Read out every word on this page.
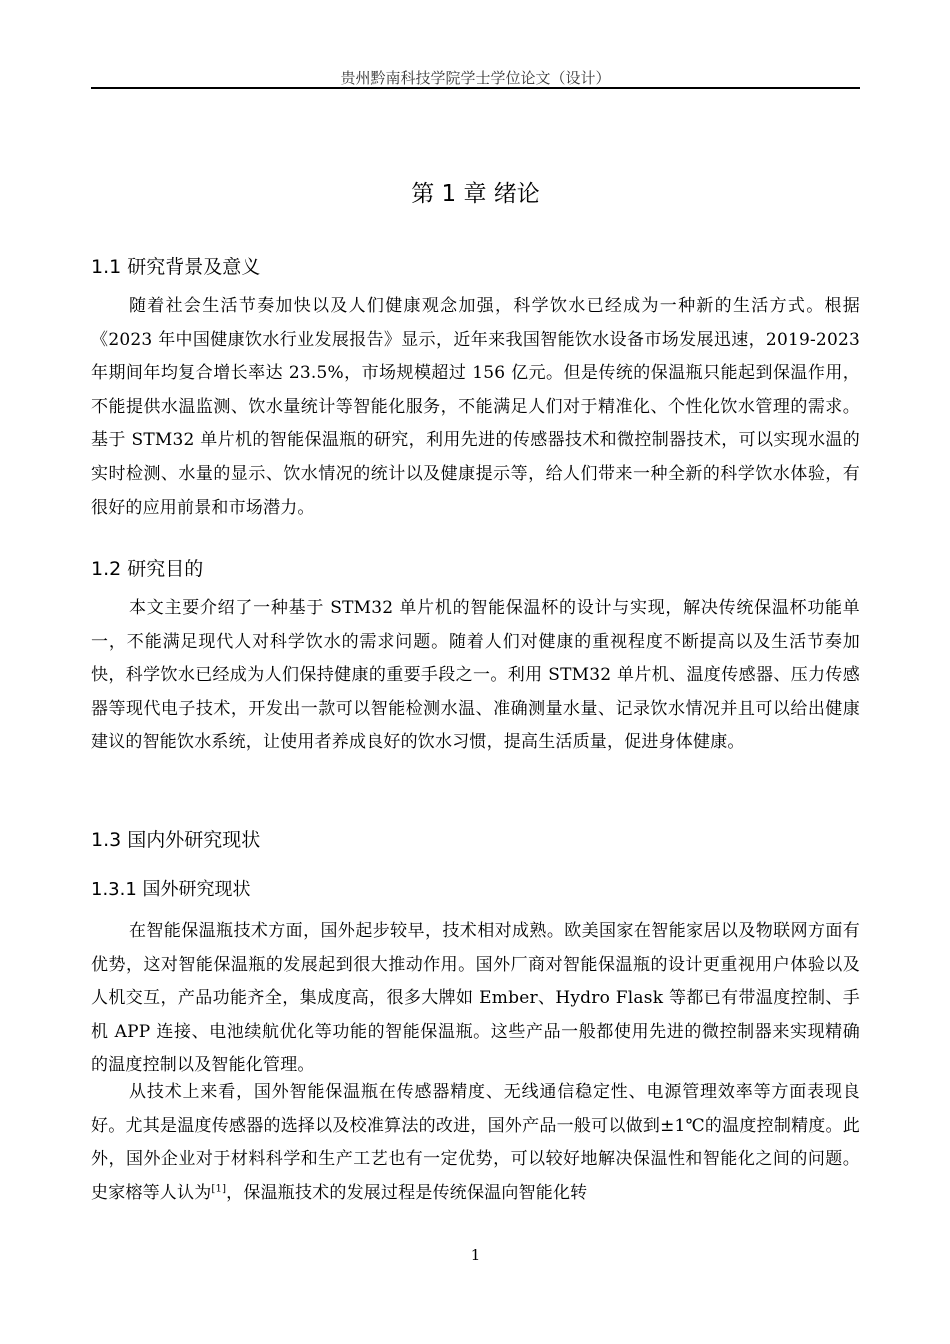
贵州黔南科技学院学士学位论文（设计）
第 1 章 绪论
1.1 研究背景及意义

随着社会生活节奏加快以及人们健康观念加强，科学饮水已经成为一种新的生活方式。根据《2023 年中国健康饮水行业发展报告》显示，近年来我国智能饮水设备市场发展迅速，2019-2023 年期间年均复合增长率达 23.5%，市场规模超过 156 亿元。但是传统的保温瓶只能起到保温作用，不能提供水温监测、饮水量统计等智能化服务，不能满足人们对于精准化、个性化饮水管理的需求。基于 STM32 单片机的智能保温瓶的研究，利用先进的传感器技术和微控制器技术，可以实现水温的实时检测、水量的显示、饮水情况的统计以及健康提示等，给人们带来一种全新的科学饮水体验，有很好的应用前景和市场潜力。

1.2 研究目的

本文主要介绍了一种基于 STM32 单片机的智能保温杯的设计与实现，解决传统保温杯功能单一，不能满足现代人对科学饮水的需求问题。随着人们对健康的重视程度不断提高以及生活节奏加快，科学饮水已经成为人们保持健康的重要手段之一。利用 STM32 单片机、温度传感器、压力传感器等现代电子技术，开发出一款可以智能检测水温、准确测量水量、记录饮水情况并且可以给出健康建议的智能饮水系统，让使用者养成良好的饮水习惯，提高生活质量，促进身体健康。

1.3 国内外研究现状
1.3.1 国外研究现状

在智能保温瓶技术方面，国外起步较早，技术相对成熟。欧美国家在智能家居以及物联网方面有优势，这对智能保温瓶的发展起到很大推动作用。国外厂商对智能保温瓶的设计更重视用户体验以及人机交互，产品功能齐全，集成度高，很多大牌如 Ember、Hydro Flask 等都已有带温度控制、手机 APP 连接、电池续航优化等功能的智能保温瓶。这些产品一般都使用先进的微控制器来实现精确的温度控制以及智能化管理。

从技术上来看，国外智能保温瓶在传感器精度、无线通信稳定性、电源管理效率等方面表现良好。尤其是温度传感器的选择以及校准算法的改进，国外产品一般可以做到±1℃的温度控制精度。此外，国外企业对于材料科学和生产工艺也有一定优势，可以较好地解决保温性和智能化之间的问题。史家榕等人认为[1]，保温瓶技术的发展过程是传统保温向智能化转

1
